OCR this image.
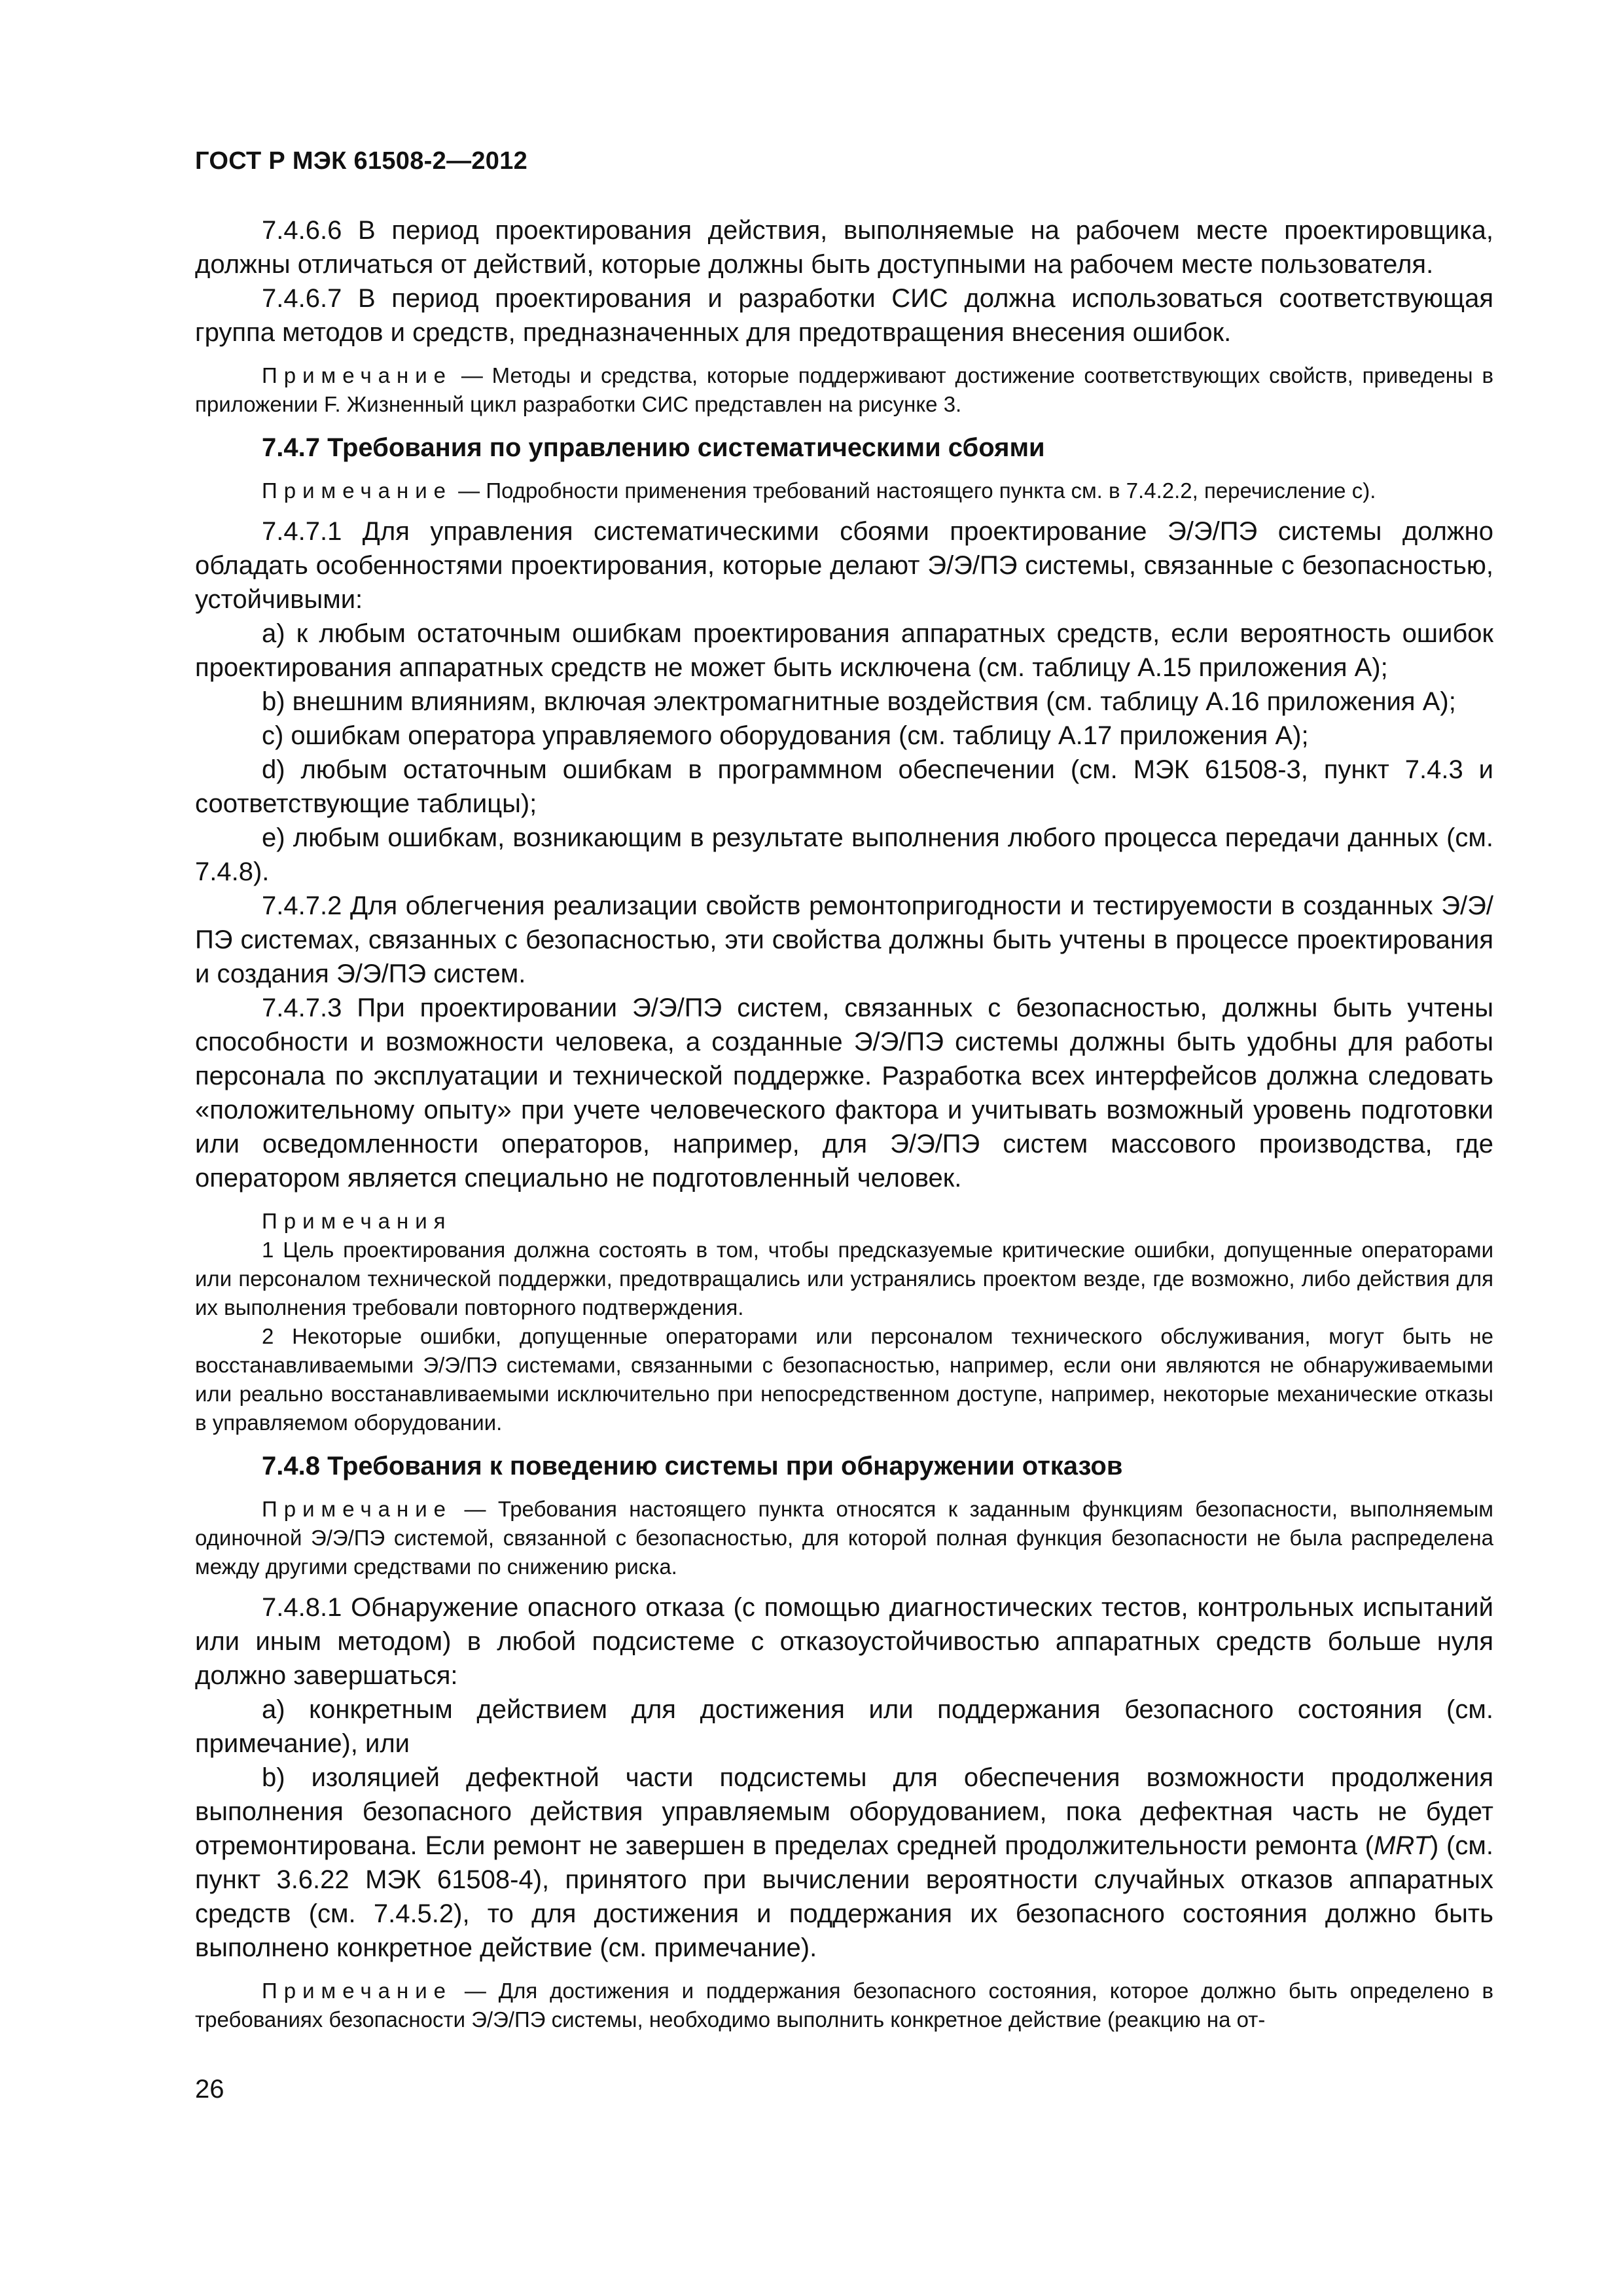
ГОСТ Р МЭК 61508-2—2012

7.4.6.6 В период проектирования действия, выполняемые на рабочем месте проектировщика, должны отличаться от действий, которые должны быть доступными на рабочем месте пользователя.

7.4.6.7 В период проектирования и разработки СИС должна использоваться соответствующая группа методов и средств, предназначенных для предотвращения внесения ошибок.

Примечание — Методы и средства, которые поддерживают достижение соответствующих свойств, приведены в приложении F. Жизненный цикл разработки СИС представлен на рисунке 3.

7.4.7 Требования по управлению систематическими сбоями

Примечание — Подробности применения требований настоящего пункта см. в 7.4.2.2, перечисление с).

7.4.7.1 Для управления систематическими сбоями проектирование Э/Э/ПЭ системы должно обладать особенностями проектирования, которые делают Э/Э/ПЭ системы, связанные с безопасностью, устойчивыми:

a) к любым остаточным ошибкам проектирования аппаратных средств, если вероятность ошибок проектирования аппаратных средств не может быть исключена (см. таблицу А.15 приложения А);

b) внешним влияниям, включая электромагнитные воздействия (см. таблицу А.16 приложения А);

c) ошибкам оператора управляемого оборудования (см. таблицу А.17 приложения А);

d) любым остаточным ошибкам в программном обеспечении (см. МЭК 61508-3, пункт 7.4.3 и соответствующие таблицы);

e) любым ошибкам, возникающим в результате выполнения любого процесса передачи данных (см. 7.4.8).

7.4.7.2 Для облегчения реализации свойств ремонтопригодности и тестируемости в созданных Э/Э/ПЭ системах, связанных с безопасностью, эти свойства должны быть учтены в процессе проектирования и создания Э/Э/ПЭ систем.

7.4.7.3 При проектировании Э/Э/ПЭ систем, связанных с безопасностью, должны быть учтены способности и возможности человека, а созданные Э/Э/ПЭ системы должны быть удобны для работы персонала по эксплуатации и технической поддержке. Разработка всех интерфейсов должна следовать «положительному опыту» при учете человеческого фактора и учитывать возможный уровень подготовки или осведомленности операторов, например, для Э/Э/ПЭ систем массового производства, где оператором является специально не подготовленный человек.

Примечания

1 Цель проектирования должна состоять в том, чтобы предсказуемые критические ошибки, допущенные операторами или персоналом технической поддержки, предотвращались или устранялись проектом везде, где возможно, либо действия для их выполнения требовали повторного подтверждения.

2 Некоторые ошибки, допущенные операторами или персоналом технического обслуживания, могут быть не восстанавливаемыми Э/Э/ПЭ системами, связанными с безопасностью, например, если они являются не обнаруживаемыми или реально восстанавливаемыми исключительно при непосредственном доступе, например, некоторые механические отказы в управляемом оборудовании.

7.4.8 Требования к поведению системы при обнаружении отказов

Примечание — Требования настоящего пункта относятся к заданным функциям безопасности, выполняемым одиночной Э/Э/ПЭ системой, связанной с безопасностью, для которой полная функция безопасности не была распределена между другими средствами по снижению риска.

7.4.8.1 Обнаружение опасного отказа (с помощью диагностических тестов, контрольных испытаний или иным методом) в любой подсистеме с отказоустойчивостью аппаратных средств больше нуля должно завершаться:

a) конкретным действием для достижения или поддержания безопасного состояния (см. примечание), или

b) изоляцией дефектной части подсистемы для обеспечения возможности продолжения выполнения безопасного действия управляемым оборудованием, пока дефектная часть не будет отремонтирована. Если ремонт не завершен в пределах средней продолжительности ремонта (MRT) (см. пункт 3.6.22 МЭК 61508-4), принятого при вычислении вероятности случайных отказов аппаратных средств (см. 7.4.5.2), то для достижения и поддержания их безопасного состояния должно быть выполнено конкретное действие (см. примечание).

Примечание — Для достижения и поддержания безопасного состояния, которое должно быть определено в требованиях безопасности Э/Э/ПЭ системы, необходимо выполнить конкретное действие (реакцию на от-

26
